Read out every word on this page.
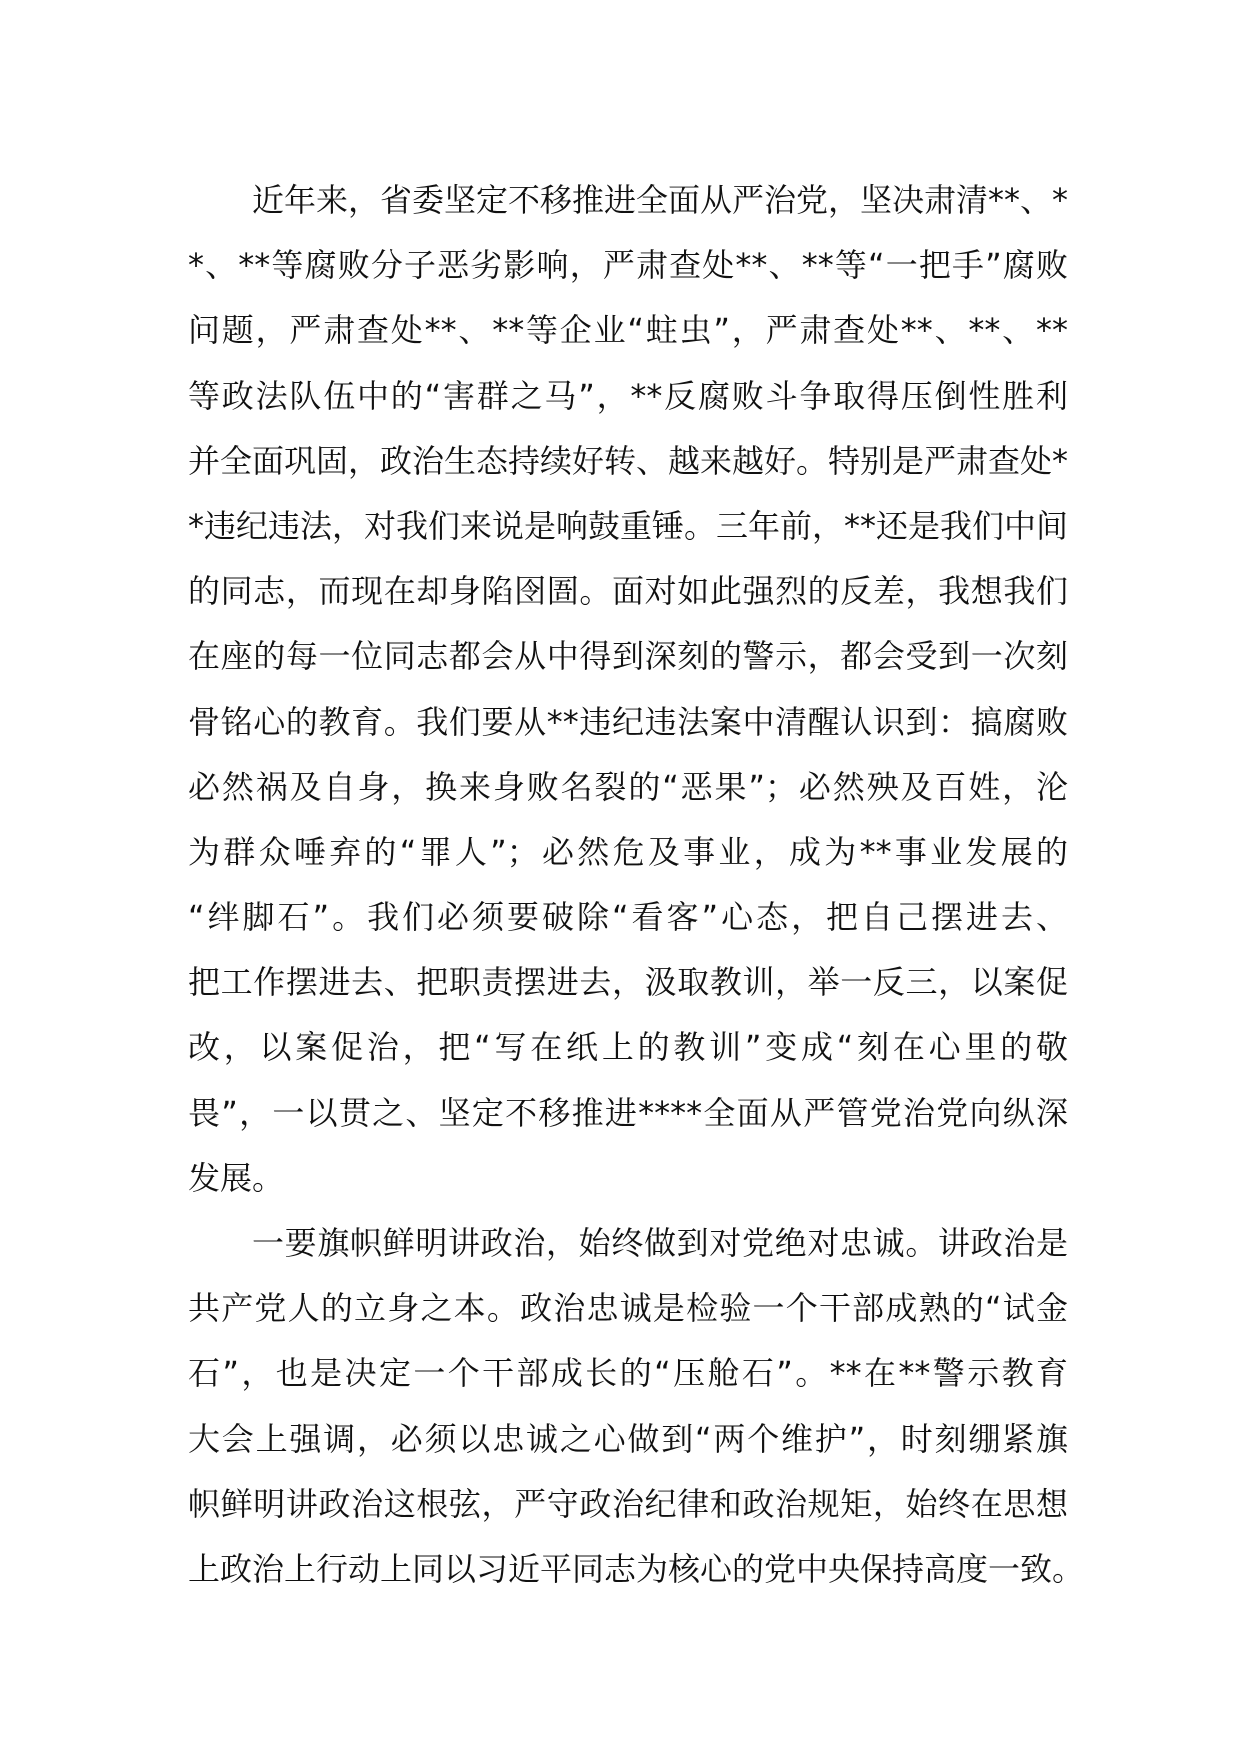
近年来，省委坚定不移推进全面从严治党，坚决肃清**、*
*、**等腐败分子恶劣影响，严肃查处**、**等“一把手”腐败
问题，严肃查处**、**等企业“蛀虫”，严肃查处**、**、**
等政法队伍中的“害群之马”，**反腐败斗争取得压倒性胜利
并全面巩固，政治生态持续好转、越来越好。特别是严肃查处*
*违纪违法，对我们来说是响鼓重锤。三年前，**还是我们中间
的同志，而现在却身陷囹圄。面对如此强烈的反差，我想我们
在座的每一位同志都会从中得到深刻的警示，都会受到一次刻
骨铭心的教育。我们要从**违纪违法案中清醒认识到：搞腐败
必然祸及自身，换来身败名裂的“恶果”；必然殃及百姓，沦
为群众唾弃的“罪人”；必然危及事业，成为**事业发展的
“绊脚石”。我们必须要破除“看客”心态，把自己摆进去、
把工作摆进去、把职责摆进去，汲取教训，举一反三，以案促
改，以案促治，把“写在纸上的教训”变成“刻在心里的敬
畏”，一以贯之、坚定不移推进****全面从严管党治党向纵深
发展。
一要旗帜鲜明讲政治，始终做到对党绝对忠诚。讲政治是
共产党人的立身之本。政治忠诚是检验一个干部成熟的“试金
石”，也是决定一个干部成长的“压舱石”。**在**警示教育
大会上强调，必须以忠诚之心做到“两个维护”，时刻绷紧旗
帜鲜明讲政治这根弦，严守政治纪律和政治规矩，始终在思想
上政治上行动上同以习近平同志为核心的党中央保持高度一致。
